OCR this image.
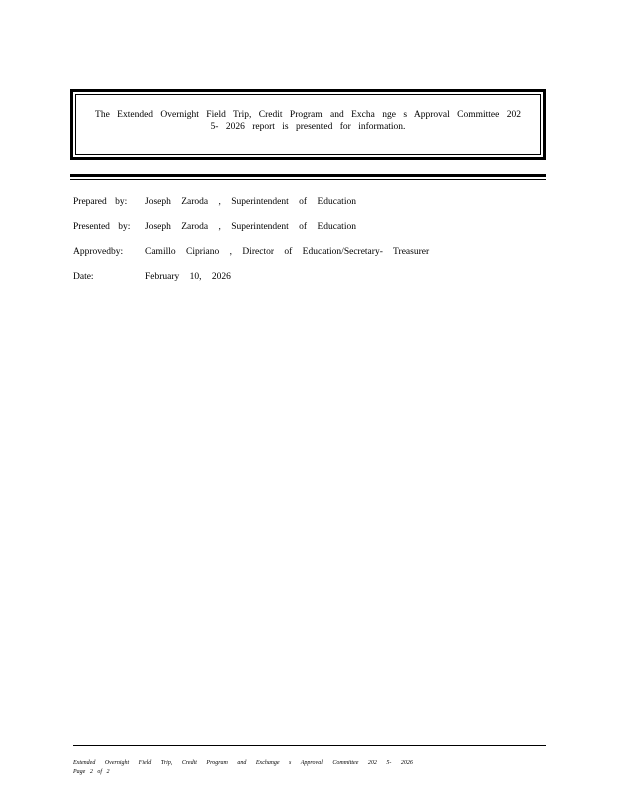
The Extended Overnight Field Trip, Credit Program and Excha nge s Approval Committee 202 5- 2026 report is presented for information.
Prepared by: Joseph Zaroda , Superintendent of Education
Presented by: Joseph Zaroda , Superintendent of Education
Approvedby: Camillo Cipriano , Director of Education/Secretary- Treasurer
Date:	February 10, 2026
Extended Overnight Field Trip, Credit Program and Exchange s Approval Committee 202 5- 2026
Page 2 of 2
